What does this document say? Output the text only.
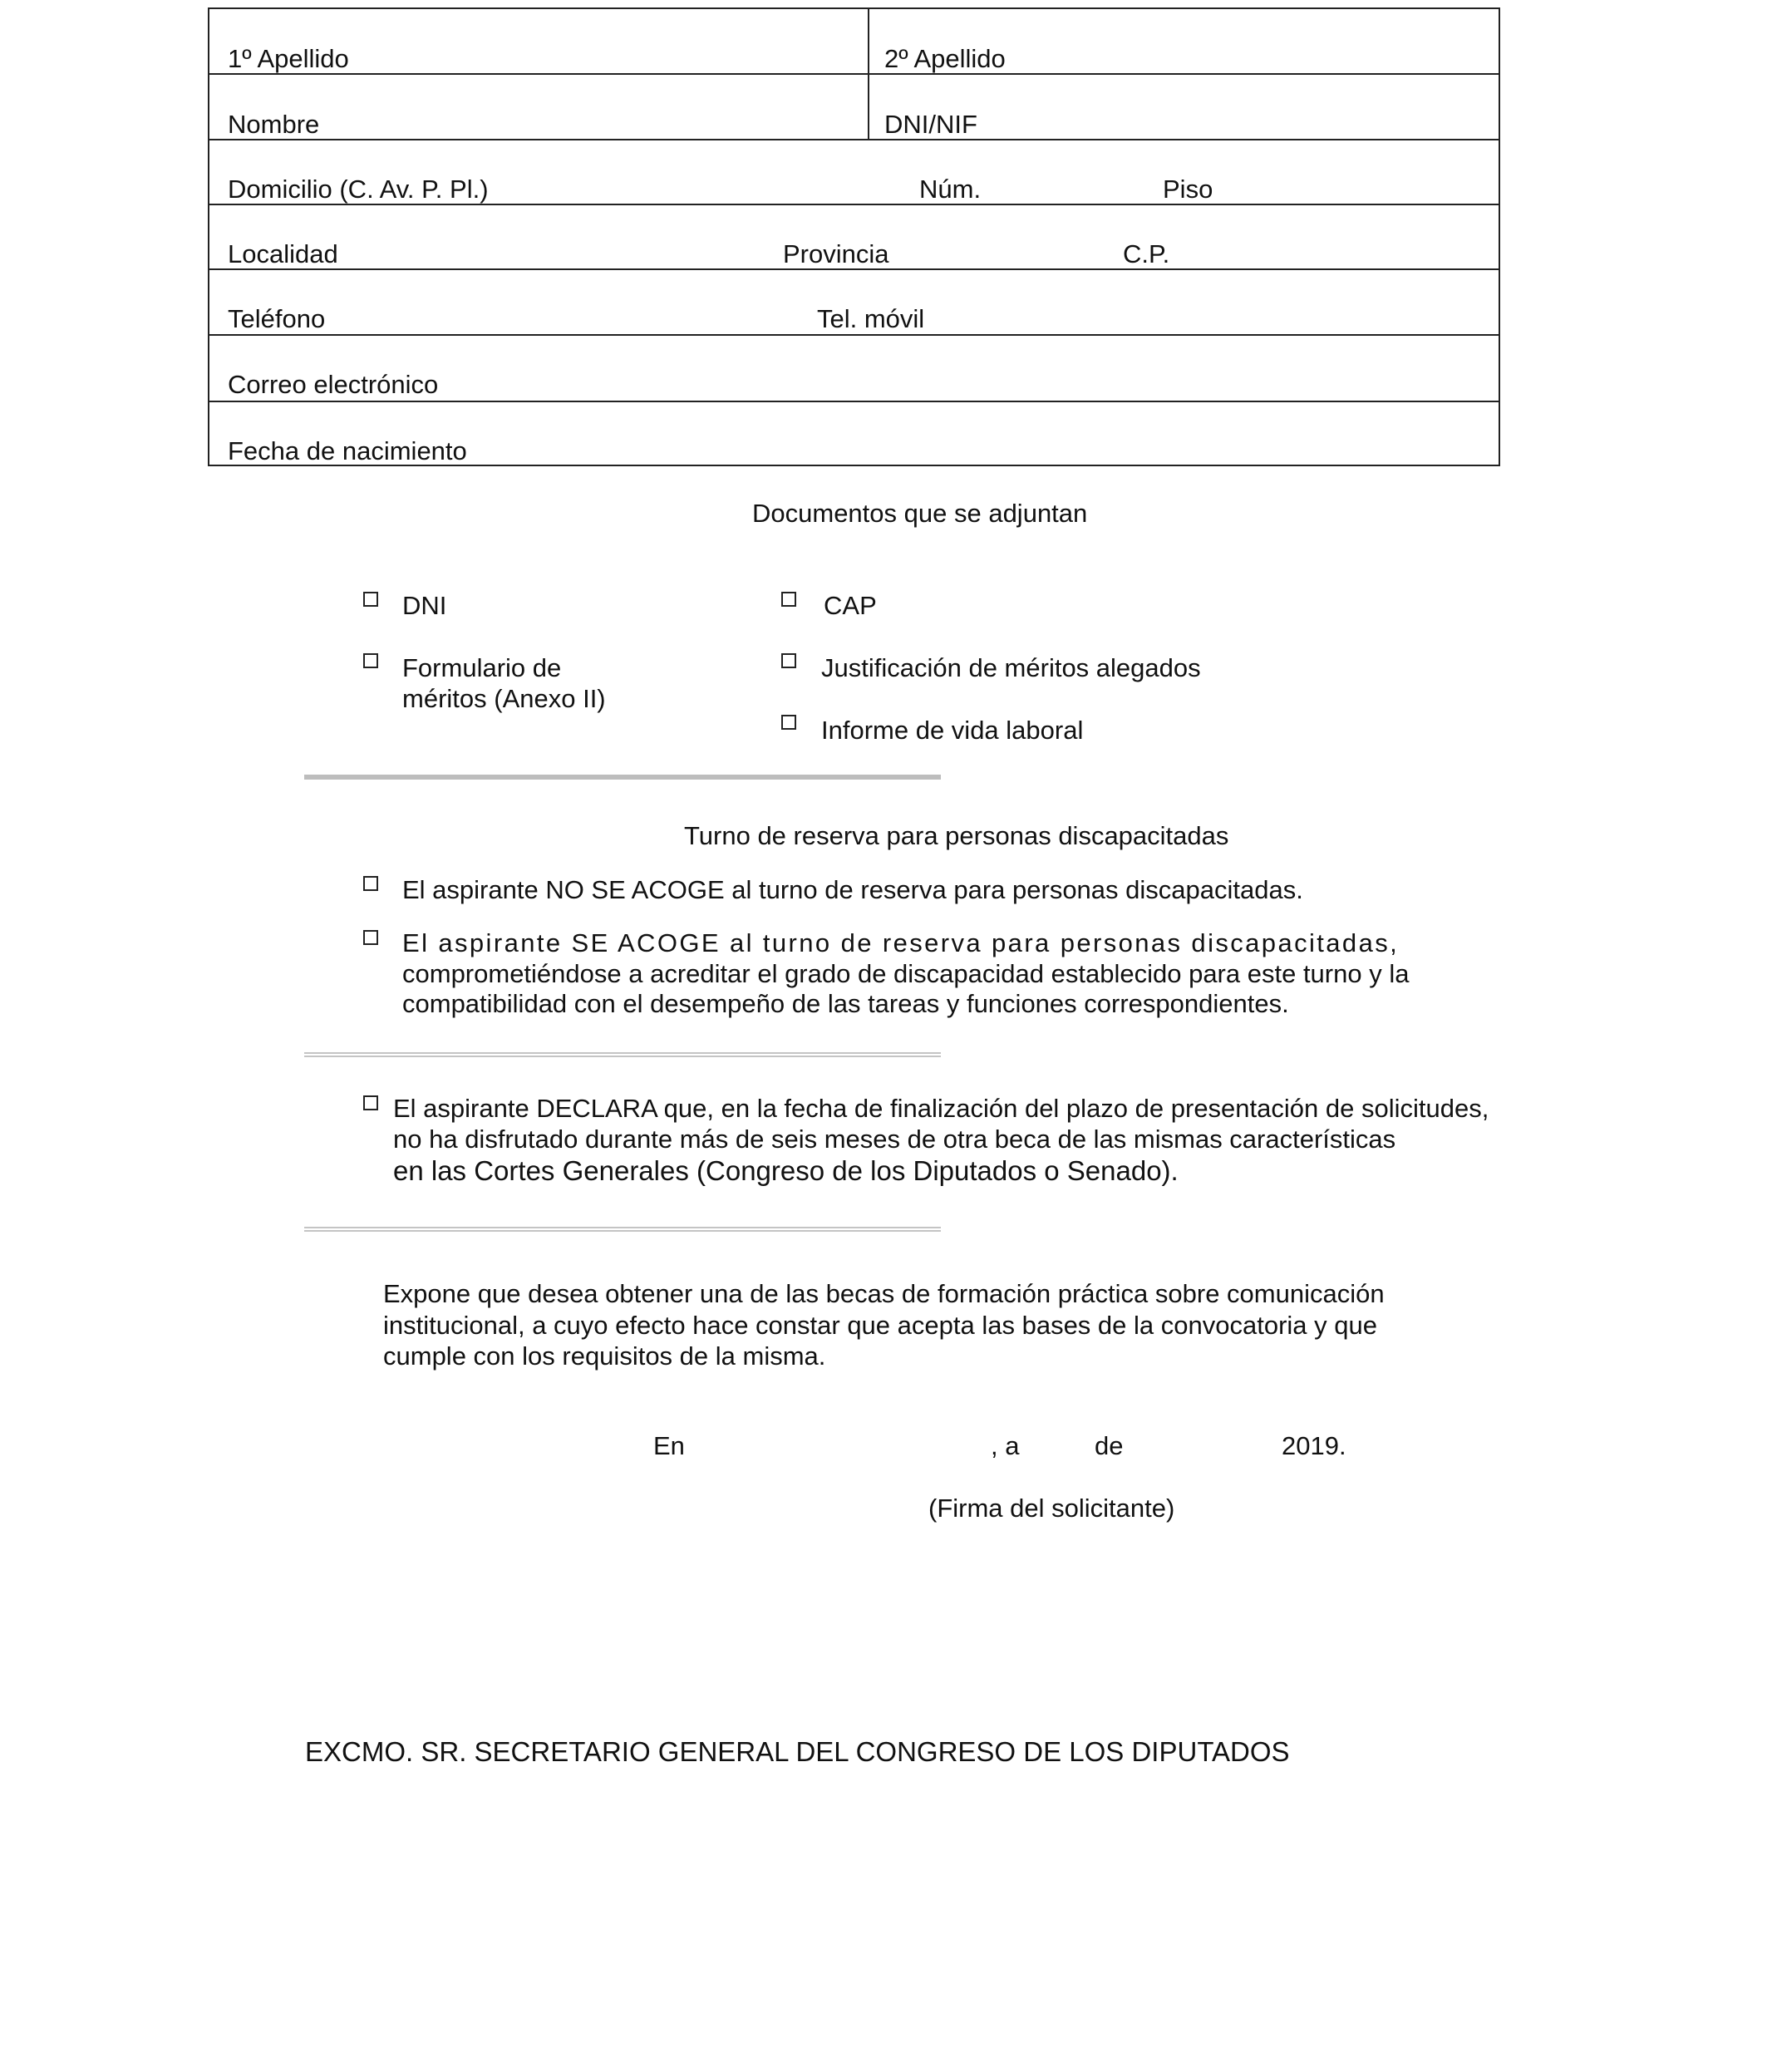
1º Apellido	2º Apellido
Nombre	DNI/NIF
Domicilio (C. Av. P. Pl.)	Núm.	Piso
Localidad	Provincia	C.P.
Teléfono	Tel. móvil
Correo electrónico
Fecha de nacimiento
Documentos que se adjuntan
DNI	CAP
Formulario de
méritos (Anexo II)
Justificación de méritos alegados
Informe de vida laboral
Turno de reserva para personas discapacitadas
El aspirante NO SE ACOGE al turno de reserva para personas discapacitadas.
El aspirante SE ACOGE al turno de reserva para personas discapacitadas,
comprometiéndose a acreditar el grado de discapacidad establecido para este turno y la
compatibilidad con el desempeño de las tareas y funciones correspondientes.
El aspirante DECLARA que, en la fecha de finalización del plazo de presentación de solicitudes,
no ha disfrutado durante más de seis meses de otra beca de las mismas características
en las Cortes Generales (Congreso de los Diputados o Senado).
Expone que desea obtener una de las becas de formación práctica sobre comunicación
institucional, a cuyo efecto hace constar que acepta las bases de la convocatoria y que
cumple con los requisitos de la misma.
En	, a	de	2019.
(Firma del solicitante)
EXCMO. SR. SECRETARIO GENERAL DEL CONGRESO DE LOS DIPUTADOS
